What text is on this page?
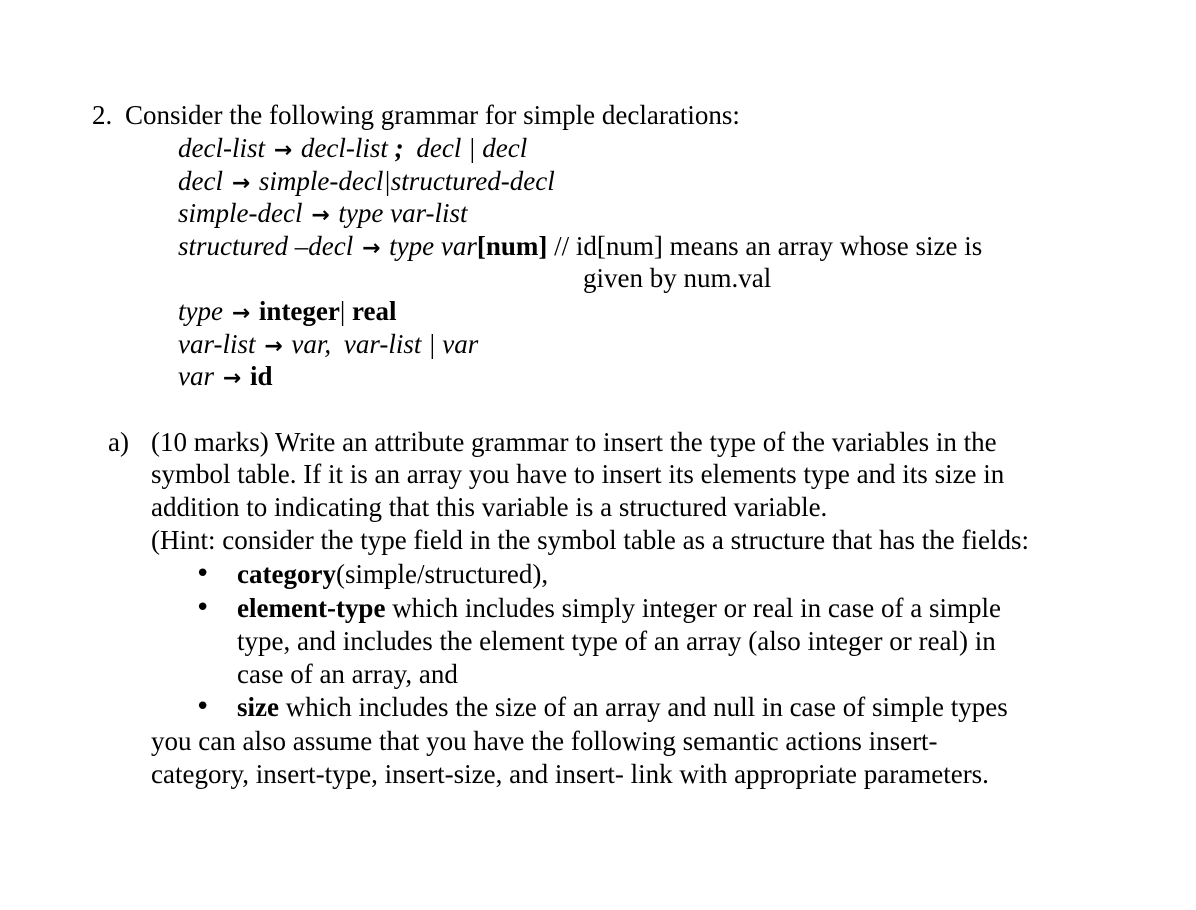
2. Consider the following grammar for simple declarations:
decl-list → decl-list ; decl | decl
decl → simple-decl|structured-decl
simple-decl → type var-list
structured –decl → type var[num] // id[num] means an array whose size is
given by num.val
type → integer| real
var-list → var, var-list | var
var → id
a) (10 marks) Write an attribute grammar to insert the type of the variables in the
symbol table. If it is an array you have to insert its elements type and its size in
addition to indicating that this variable is a structured variable.
(Hint: consider the type field in the symbol table as a structure that has the fields:
• category(simple/structured),
• element-type which includes simply integer or real in case of a simple
type, and includes the element type of an array (also integer or real) in
case of an array, and
• size which includes the size of an array and null in case of simple types
you can also assume that you have the following semantic actions insert-
category, insert-type, insert-size, and insert- link with appropriate parameters.
